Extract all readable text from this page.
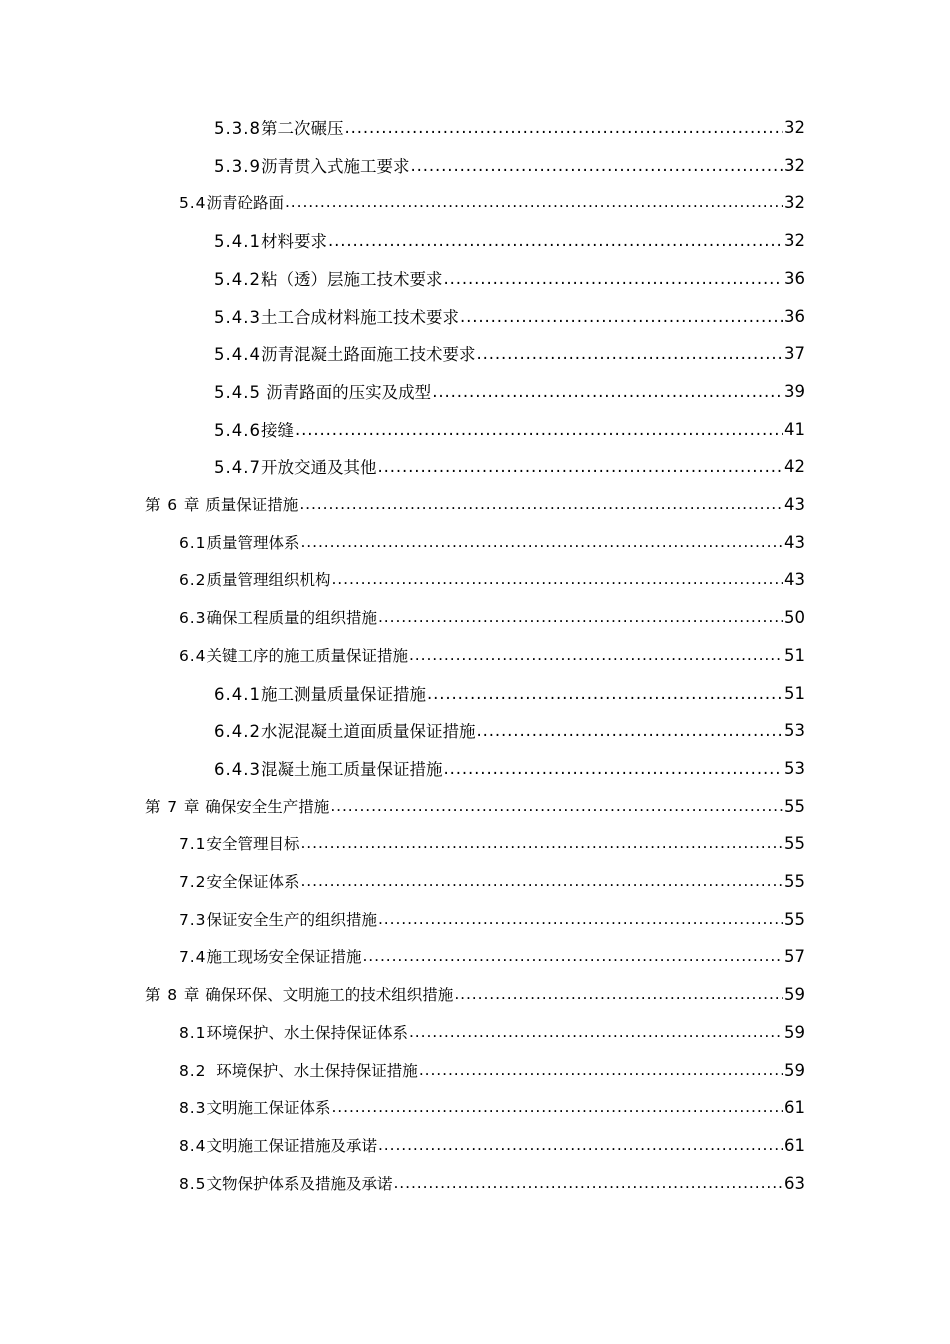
5.3.8第二次碾压 .....	32
5.3.9沥青贯入式施工要求 .....	32
5.4沥青砼路面 .....	32
5.4.1材料要求 .....	32
5.4.2粘（透）层施工技术要求 .....	36
5.4.3土工合成材料施工技术要求 .....	36
5.4.4沥青混凝土路面施工技术要求 .....	37
5.4.5 沥青路面的压实及成型 .....	39
5.4.6接缝 .....	41
5.4.7开放交通及其他 .....	42
第 6 章 质量保证措施 .....	43
6.1质量管理体系 .....	43
6.2质量管理组织机构 .....	43
6.3确保工程质量的组织措施 .....	50
6.4关键工序的施工质量保证措施 .....	51
6.4.1施工测量质量保证措施 .....	51
6.4.2水泥混凝土道面质量保证措施 .....	53
6.4.3混凝土施工质量保证措施 .....	53
第 7 章 确保安全生产措施 .....	55
7.1安全管理目标 .....	55
7.2安全保证体系 .....	55
7.3保证安全生产的组织措施 .....	55
7.4施工现场安全保证措施 .....	57
第 8 章 确保环保、文明施工的技术组织措施 .....	59
8.1环境保护、水土保持保证体系 .....	59
8.2  环境保护、水土保持保证措施 .....	59
8.3文明施工保证体系 .....	61
8.4文明施工保证措施及承诺 .....	61
8.5文物保护体系及措施及承诺 .....	63
